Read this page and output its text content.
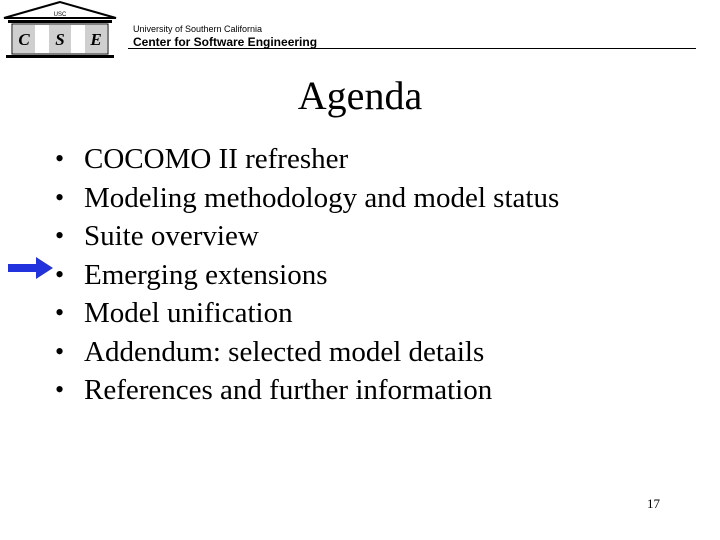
USC
C S E
University of Southern California
Center for Software Engineering
Agenda
• COCOMO II refresher
• Modeling methodology and model status
• Suite overview
• Emerging extensions
• Model unification
• Addendum: selected model details
• References and further information
17
